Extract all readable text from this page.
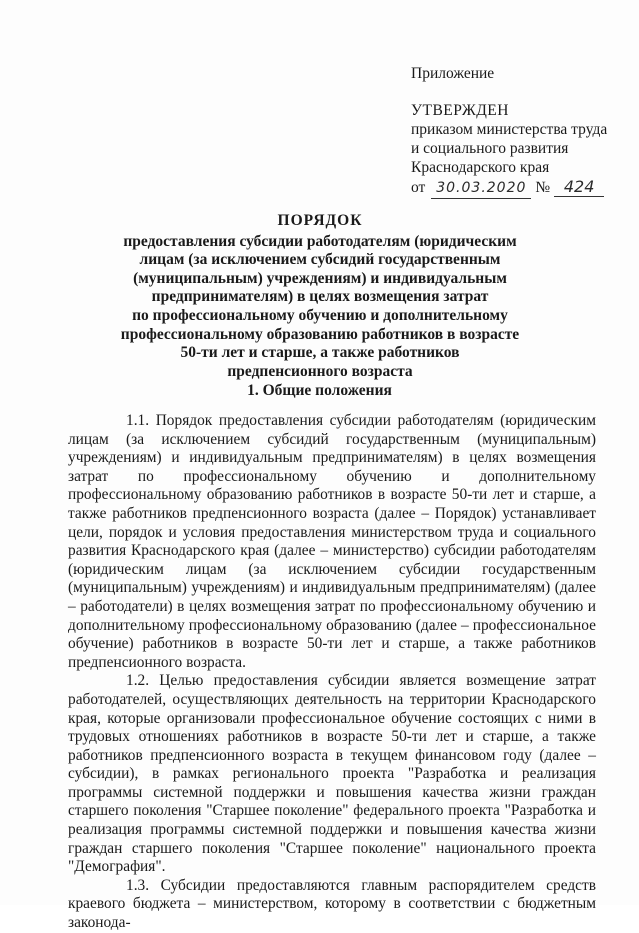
Приложение
УТВЕРЖДЕН
приказом министерства труда
и социального развития
Краснодарского края
от 30.03.2020 № 424
ПОРЯДОК
предоставления субсидии работодателям (юридическим
лицам (за исключением субсидий государственным
(муниципальным) учреждениям) и индивидуальным
предпринимателям) в целях возмещения затрат
по профессиональному обучению и дополнительному
профессиональному образованию работников в возрасте
50-ти лет и старше, а также работников
предпенсионного возраста
1. Общие положения

1.1. Порядок предоставления субсидии работодателям (юридическим лицам (за исключением субсидий государственным (муниципальным) учреждениям) и индивидуальным предпринимателям) в целях возмещения затрат по профессиональному обучению и дополнительному профессиональному образованию работников в возрасте 50-ти лет и старше, а также работников предпенсионного возраста (далее – Порядок) устанавливает цели, порядок и условия предоставления министерством труда и социального развития Краснодарского края (далее – министерство) субсидии работодателям (юридическим лицам (за исключением субсидии государственным (муниципальным) учреждениям) и индивидуальным предпринимателям) (далее – работодатели) в целях возмещения затрат по профессиональному обучению и дополнительному профессиональному образованию (далее – профессиональное обучение) работников в возрасте 50-ти лет и старше, а также работников предпенсионного возраста.

1.2. Целью предоставления субсидии является возмещение затрат работодателей, осуществляющих деятельность на территории Краснодарского края, которые организовали профессиональное обучение состоящих с ними в трудовых отношениях работников в возрасте 50-ти лет и старше, а также работников предпенсионного возраста в текущем финансовом году (далее – субсидии), в рамках регионального проекта "Разработка и реализация программы системной поддержки и повышения качества жизни граждан старшего поколения "Старшее поколение" федерального проекта "Разработка и реализация программы системной поддержки и повышения качества жизни граждан старшего поколения "Старшее поколение" национального проекта "Демография".

1.3. Субсидии предоставляются главным распорядителем средств краевого бюджета – министерством, которому в соответствии с бюджетным законода-
